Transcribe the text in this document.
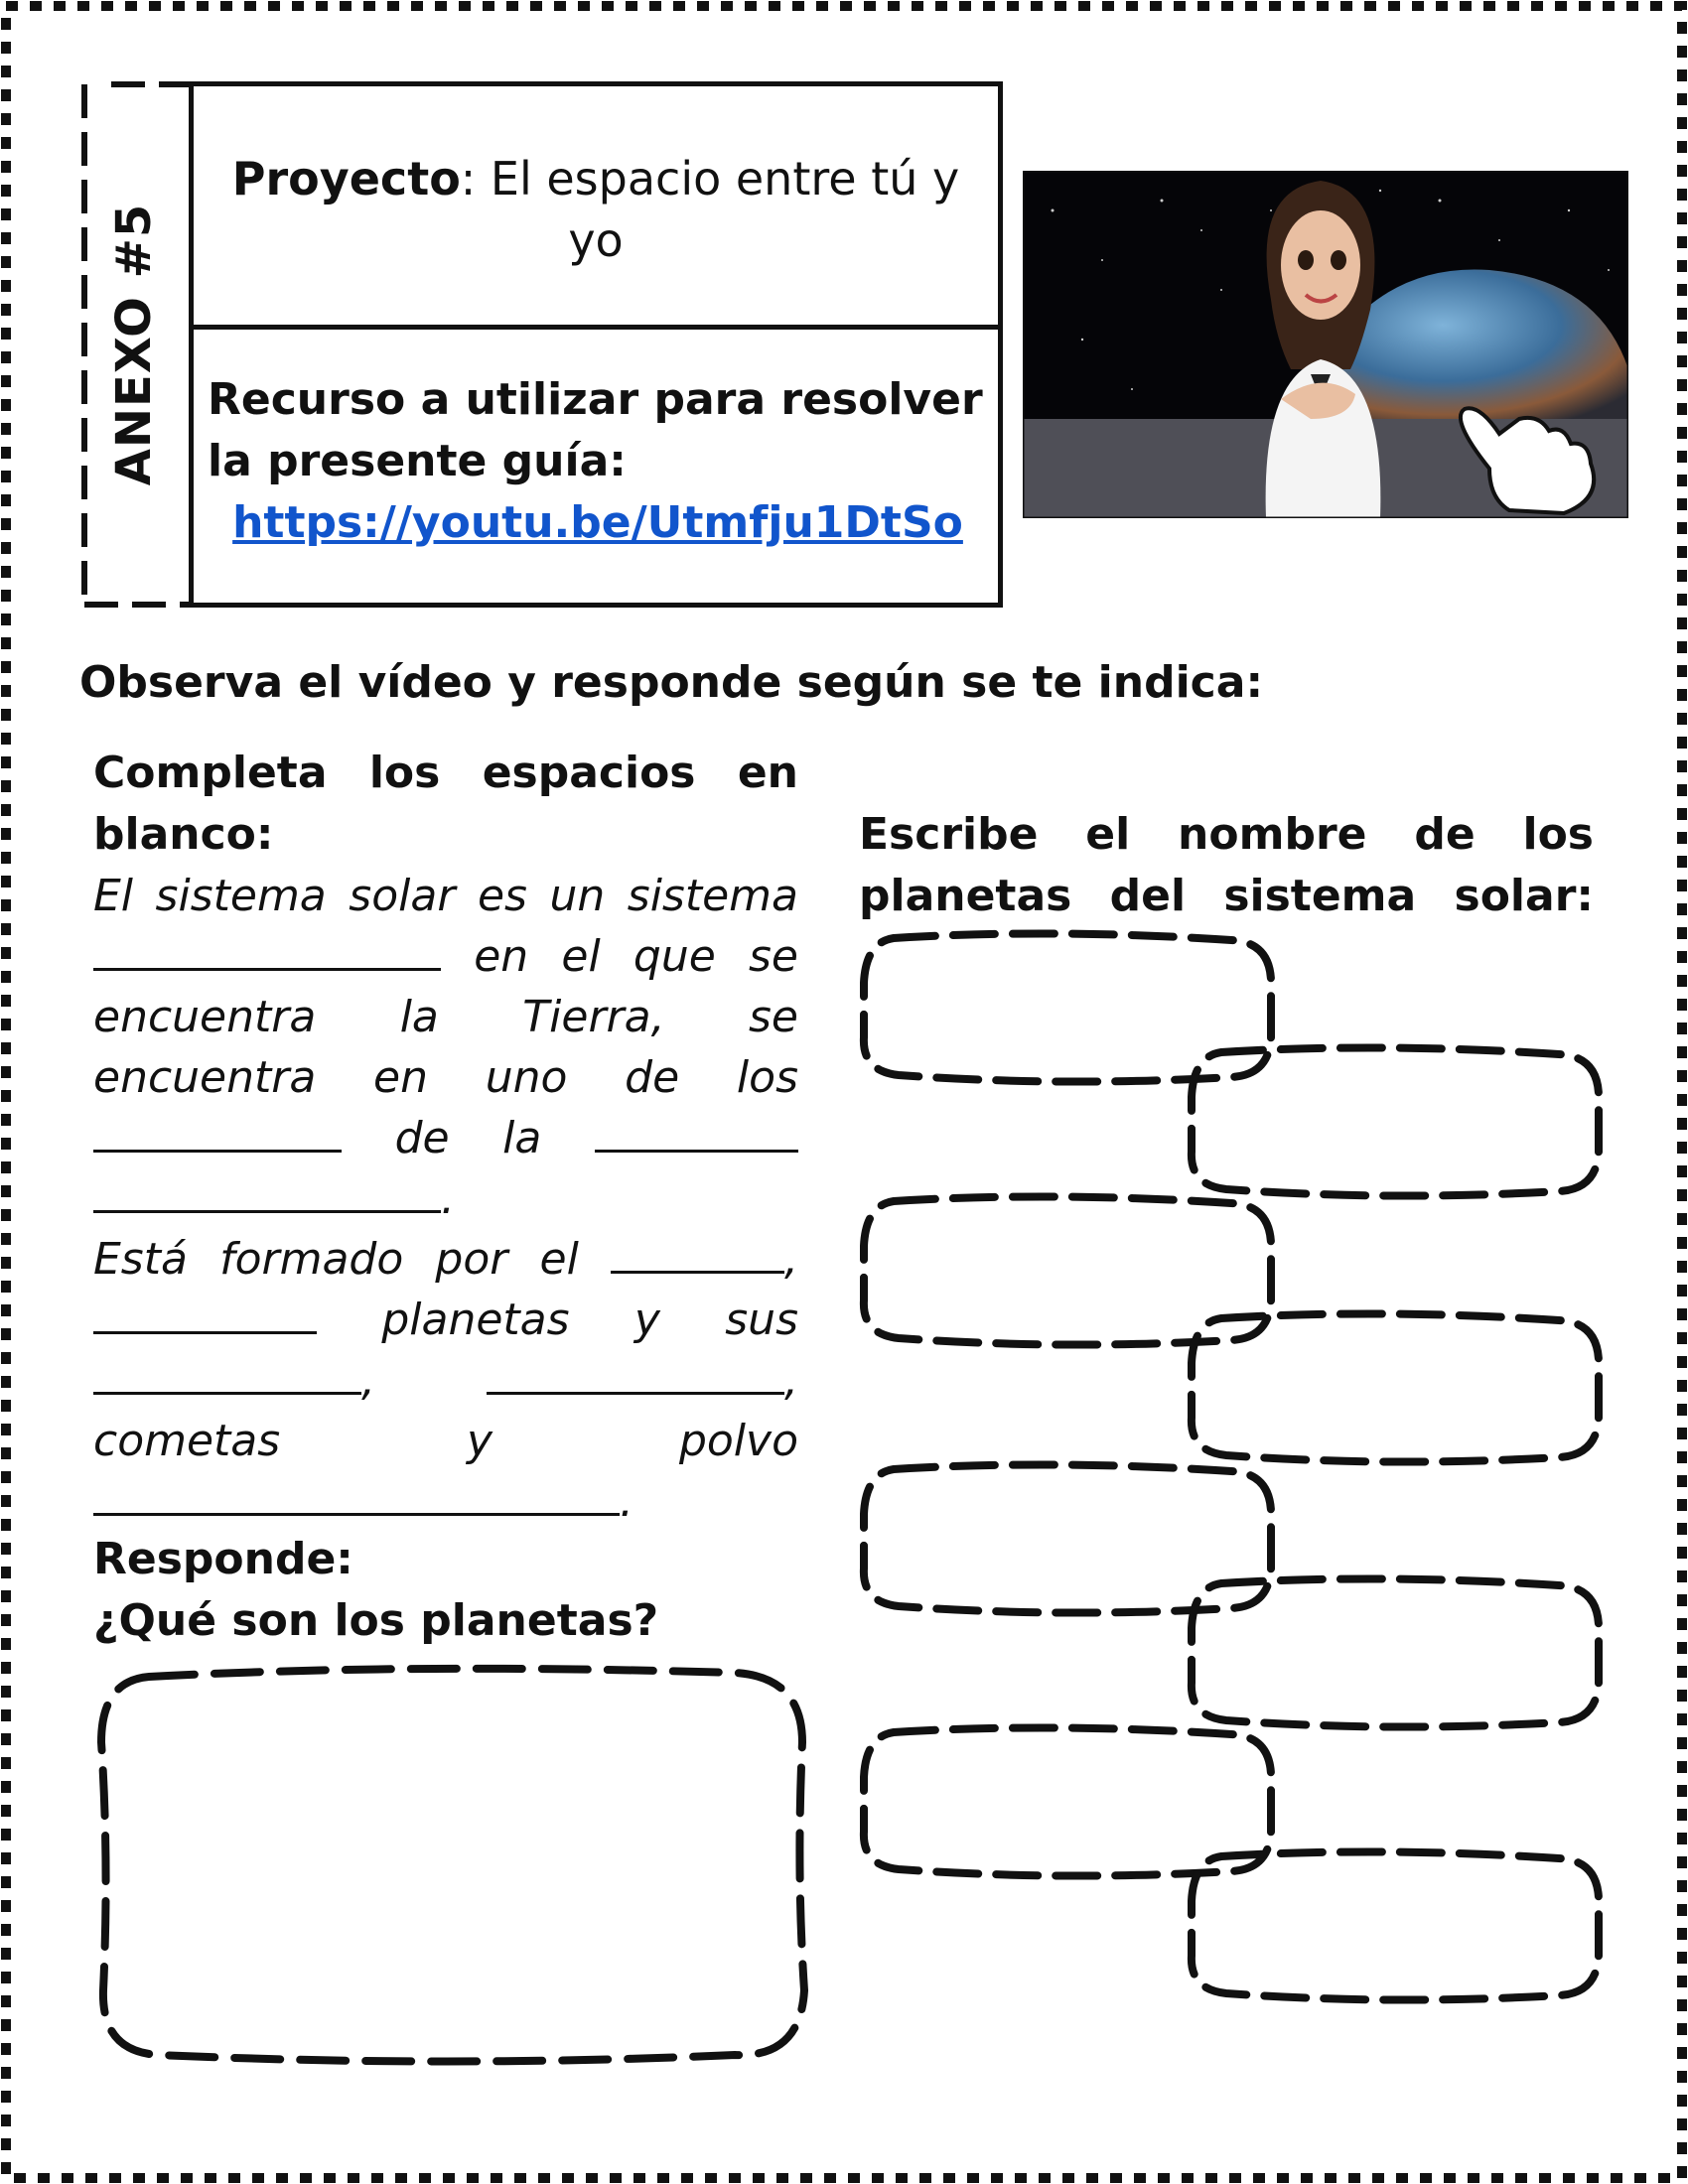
ANEXO #5
Proyecto: El espacio entre tú y yo
Recurso a utilizar para resolver la presente guía:
https://youtu.be/Utmfju1DtSo
Observa el vídeo y responde según se te indica:
Completa los espacios en blanco:
El sistema solar es un sistema
en el que se
encuentra la Tierra, se
encuentra en uno de los
de la
.
Está formado por el	,
planetas y sus
,	,
cometas y polvo
.
Responde:
¿Qué son los planetas?
Escribe el nombre de los planetas del sistema solar:
